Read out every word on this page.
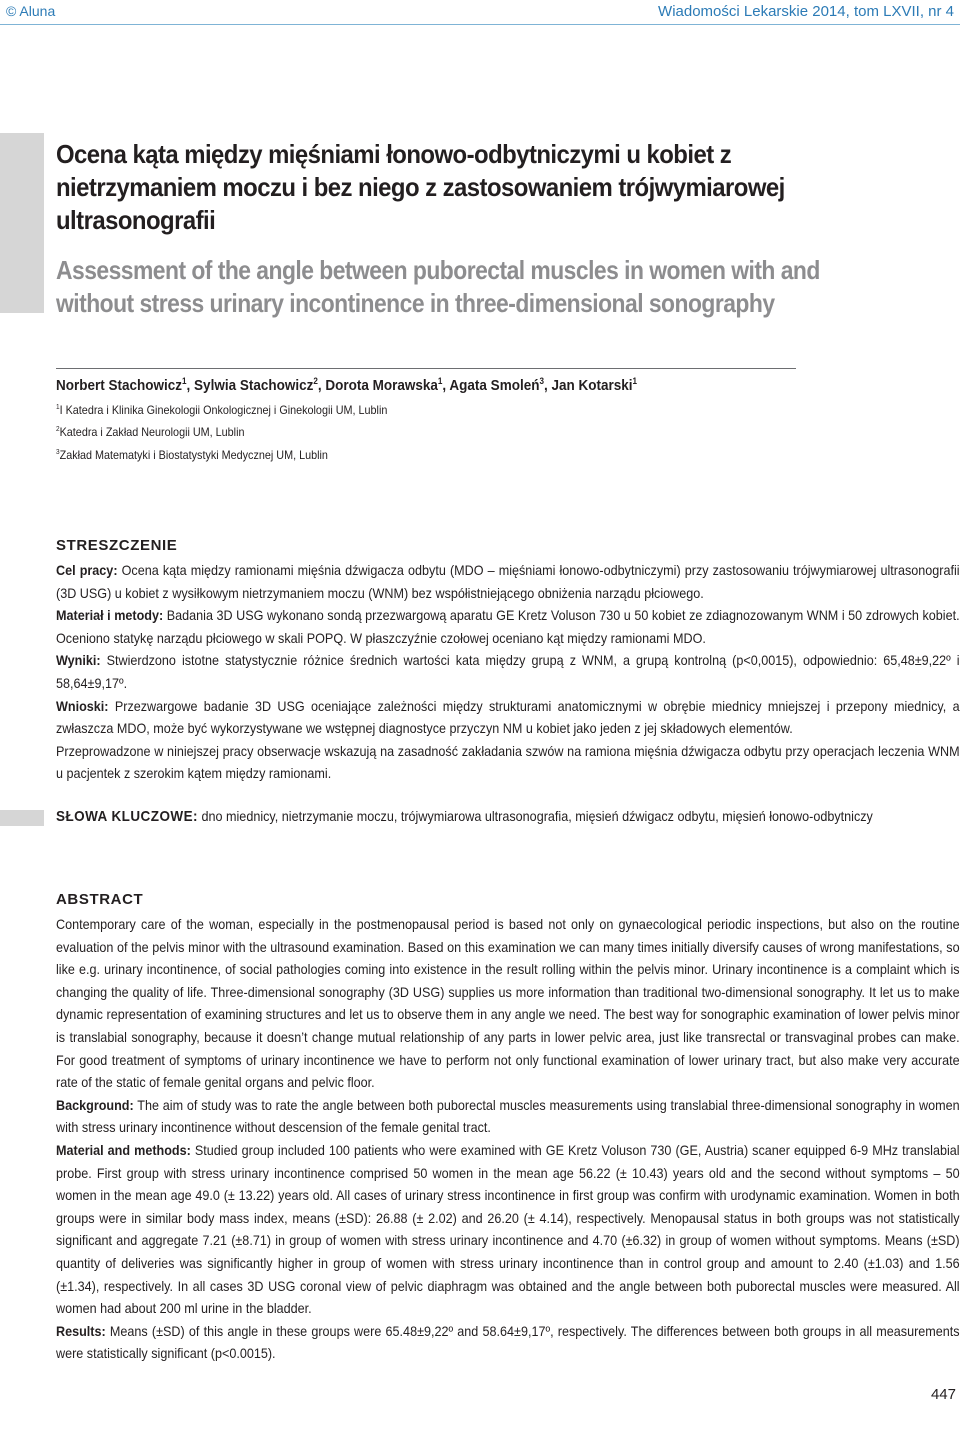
© Aluna	Wiadomości Lekarskie 2014, tom LXVII, nr 4
Ocena kąta między mięśniami łonowo-odbytniczymi u kobiet z nietrzymaniem moczu i bez niego z zastosowaniem trójwymiarowej ultrasonografii
Assessment of the angle between puborectal muscles in women with and without stress urinary incontinence in three-dimensional sonography
Norbert Stachowicz$^1$, Sylwia Stachowicz$^2$, Dorota Morawska$^1$, Agata Smoleń$^3$, Jan Kotarski$^1$
$^1$I Katedra i Klinika Ginekologii Onkologicznej i Ginekologii UM, Lublin
$^2$Katedra i Zakład Neurologii UM, Lublin
$^3$Zakład Matematyki i Biostatystyki Medycznej UM, Lublin
STRESZCZENIE

Cel pracy: Ocena kąta między ramionami mięśnia dźwigacza odbytu (MDO – mięśniami łonowo-odbytniczymi) przy zastosowaniu trójwymiarowej ultrasonografii (3D USG) u kobiet z wysiłkowym nietrzymaniem moczu (WNM) bez współistniejącego obniżenia narządu płciowego.

Materiał i metody: Badania 3D USG wykonano sondą przezwargową aparatu GE Kretz Voluson 730 u 50 kobiet ze zdiagnozowanym WNM i 50 zdrowych kobiet. Oceniono statykę narządu płciowego w skali POPQ. W płaszczyźnie czołowej oceniano kąt między ramionami MDO.

Wyniki: Stwierdzono istotne statystycznie różnice średnich wartości kata między grupą z WNM, a grupą kontrolną (p<0,0015), odpowiednio: 65,48±9,22º i 58,64±9,17º.

Wnioski: Przezwargowe badanie 3D USG oceniające zależności między strukturami anatomicznymi w obrębie miednicy mniejszej i przepony miednicy, a zwłaszcza MDO, może być wykorzystywane we wstępnej diagnostyce przyczyn NM u kobiet jako jeden z jej składowych elementów.

Przeprowadzone w niniejszej pracy obserwacje wskazują na zasadność zakładania szwów na ramiona mięśnia dźwigacza odbytu przy operacjach leczenia WNM u pacjentek z szerokim kątem między ramionami.

SŁOWA KLUCZOWE: dno miednicy, nietrzymanie moczu, trójwymiarowa ultrasonografia, mięsień dźwigacz odbytu, mięsień łonowo-odbytniczy
ABSTRACT

Contemporary care of the woman, especially in the postmenopausal period is based not only on gynaecological periodic inspections, but also on the routine evaluation of the pelvis minor with the ultrasound examination. Based on this examination we can many times initially diversify causes of wrong manifestations, so like e.g. urinary incontinence, of social pathologies coming into existence in the result rolling within the pelvis minor. Urinary incontinence is a complaint which is changing the quality of life. Three-dimensional sonography (3D USG) supplies us more information than traditional two-dimensional sonography. It let us to make dynamic representation of examining structures and let us to observe them in any angle we need. The best way for sonographic examination of lower pelvis minor is translabial sonography, because it doesn’t change mutual relationship of any parts in lower pelvic area, just like transrectal or transvaginal probes can make. For good treatment of symptoms of urinary incontinence we have to perform not only functional examination of lower urinary tract, but also make very accurate rate of the static of female genital organs and pelvic floor.

Background: The aim of study was to rate the angle between both puborectal muscles measurements using translabial three-dimensional sonography in women with stress urinary incontinence without descension of the female genital tract.

Material and methods: Studied group included 100 patients who were examined with GE Kretz Voluson 730 (GE, Austria) scaner equipped 6-9 MHz translabial probe. First group with stress urinary incontinence comprised 50 women in the mean age 56.22 (± 10.43) years old and the second without symptoms – 50 women in the mean age 49.0 (± 13.22) years old. All cases of urinary stress incontinence in first group was confirm with urodynamic examination. Women in both groups were in similar body mass index, means (±SD): 26.88 (± 2.02) and 26.20 (± 4.14), respectively. Menopausal status in both groups was not statistically significant and aggregate 7.21 (±8.71) in group of women with stress urinary incontinence and 4.70 (±6.32) in group of women without symptoms. Means (±SD) quantity of deliveries was significantly higher in group of women with stress urinary incontinence than in control group and amount to 2.40 (±1.03) and 1.56 (±1.34), respectively. In all cases 3D USG coronal view of pelvic diaphragm was obtained and the angle between both puborectal muscles were measured. All women had about 200 ml urine in the bladder.

Results: Means (±SD) of this angle in these groups were 65.48±9,22º and 58.64±9,17º, respectively. The differences between both groups in all measurements were statistically significant (p<0.0015).

447
